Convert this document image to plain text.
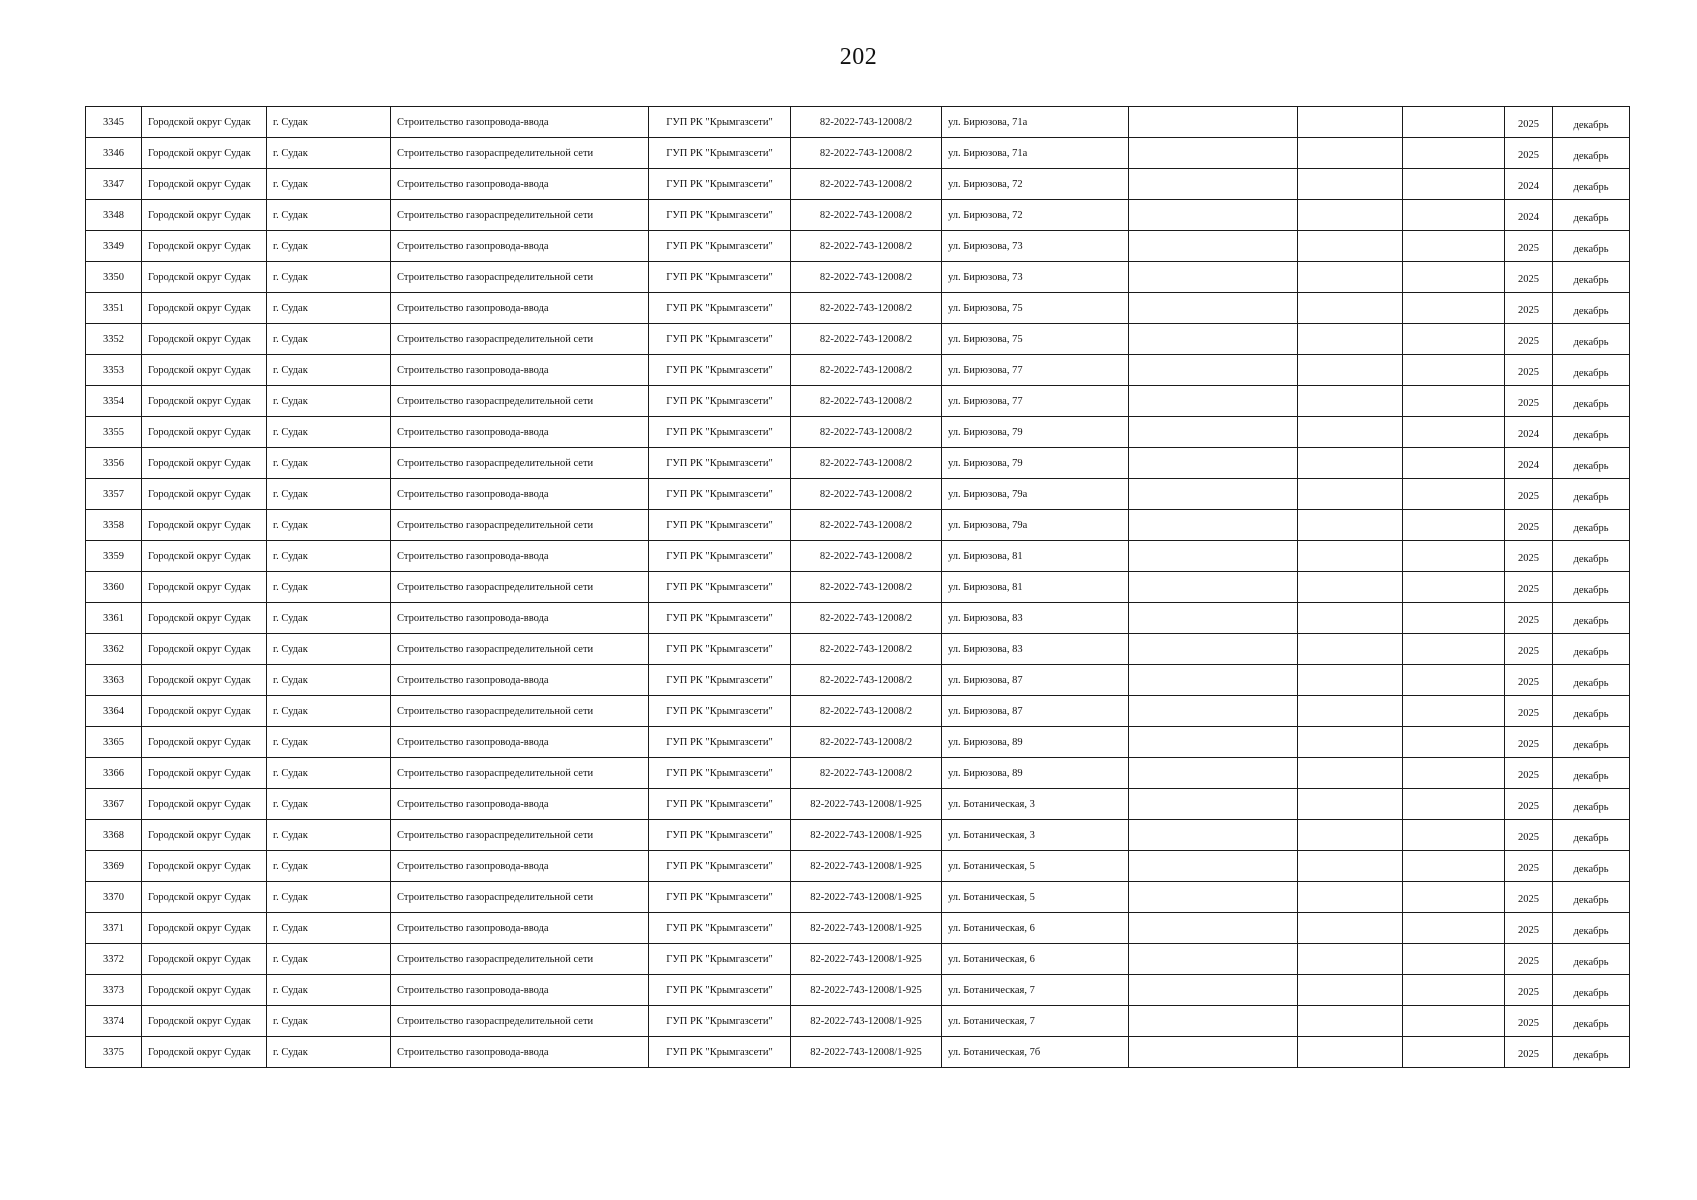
202
3345	Городской округ Судак	г. Судак	Строительство газопровода-ввода	ГУП РК "Крымгазсети"	82-2022-743-12008/2	ул. Бирюзова, 71а				2025	декабрь
3346	Городской округ Судак	г. Судак	Строительство газораспределительной сети	ГУП РК "Крымгазсети"	82-2022-743-12008/2	ул. Бирюзова, 71а				2025	декабрь
3347	Городской округ Судак	г. Судак	Строительство газопровода-ввода	ГУП РК "Крымгазсети"	82-2022-743-12008/2	ул. Бирюзова, 72				2024	декабрь
3348	Городской округ Судак	г. Судак	Строительство газораспределительной сети	ГУП РК "Крымгазсети"	82-2022-743-12008/2	ул. Бирюзова, 72				2024	декабрь
3349	Городской округ Судак	г. Судак	Строительство газопровода-ввода	ГУП РК "Крымгазсети"	82-2022-743-12008/2	ул. Бирюзова, 73				2025	декабрь
3350	Городской округ Судак	г. Судак	Строительство газораспределительной сети	ГУП РК "Крымгазсети"	82-2022-743-12008/2	ул. Бирюзова, 73				2025	декабрь
3351	Городской округ Судак	г. Судак	Строительство газопровода-ввода	ГУП РК "Крымгазсети"	82-2022-743-12008/2	ул. Бирюзова, 75				2025	декабрь
3352	Городской округ Судак	г. Судак	Строительство газораспределительной сети	ГУП РК "Крымгазсети"	82-2022-743-12008/2	ул. Бирюзова, 75				2025	декабрь
3353	Городской округ Судак	г. Судак	Строительство газопровода-ввода	ГУП РК "Крымгазсети"	82-2022-743-12008/2	ул. Бирюзова, 77				2025	декабрь
3354	Городской округ Судак	г. Судак	Строительство газораспределительной сети	ГУП РК "Крымгазсети"	82-2022-743-12008/2	ул. Бирюзова, 77				2025	декабрь
3355	Городской округ Судак	г. Судак	Строительство газопровода-ввода	ГУП РК "Крымгазсети"	82-2022-743-12008/2	ул. Бирюзова, 79				2024	декабрь
3356	Городской округ Судак	г. Судак	Строительство газораспределительной сети	ГУП РК "Крымгазсети"	82-2022-743-12008/2	ул. Бирюзова, 79				2024	декабрь
3357	Городской округ Судак	г. Судак	Строительство газопровода-ввода	ГУП РК "Крымгазсети"	82-2022-743-12008/2	ул. Бирюзова, 79а				2025	декабрь
3358	Городской округ Судак	г. Судак	Строительство газораспределительной сети	ГУП РК "Крымгазсети"	82-2022-743-12008/2	ул. Бирюзова, 79а				2025	декабрь
3359	Городской округ Судак	г. Судак	Строительство газопровода-ввода	ГУП РК "Крымгазсети"	82-2022-743-12008/2	ул. Бирюзова, 81				2025	декабрь
3360	Городской округ Судак	г. Судак	Строительство газораспределительной сети	ГУП РК "Крымгазсети"	82-2022-743-12008/2	ул. Бирюзова, 81				2025	декабрь
3361	Городской округ Судак	г. Судак	Строительство газопровода-ввода	ГУП РК "Крымгазсети"	82-2022-743-12008/2	ул. Бирюзова, 83				2025	декабрь
3362	Городской округ Судак	г. Судак	Строительство газораспределительной сети	ГУП РК "Крымгазсети"	82-2022-743-12008/2	ул. Бирюзова, 83				2025	декабрь
3363	Городской округ Судак	г. Судак	Строительство газопровода-ввода	ГУП РК "Крымгазсети"	82-2022-743-12008/2	ул. Бирюзова, 87				2025	декабрь
3364	Городской округ Судак	г. Судак	Строительство газораспределительной сети	ГУП РК "Крымгазсети"	82-2022-743-12008/2	ул. Бирюзова, 87				2025	декабрь
3365	Городской округ Судак	г. Судак	Строительство газопровода-ввода	ГУП РК "Крымгазсети"	82-2022-743-12008/2	ул. Бирюзова, 89				2025	декабрь
3366	Городской округ Судак	г. Судак	Строительство газораспределительной сети	ГУП РК "Крымгазсети"	82-2022-743-12008/2	ул. Бирюзова, 89				2025	декабрь
3367	Городской округ Судак	г. Судак	Строительство газопровода-ввода	ГУП РК "Крымгазсети"	82-2022-743-12008/1-925	ул. Ботаническая, 3				2025	декабрь
3368	Городской округ Судак	г. Судак	Строительство газораспределительной сети	ГУП РК "Крымгазсети"	82-2022-743-12008/1-925	ул. Ботаническая, 3				2025	декабрь
3369	Городской округ Судак	г. Судак	Строительство газопровода-ввода	ГУП РК "Крымгазсети"	82-2022-743-12008/1-925	ул. Ботаническая, 5				2025	декабрь
3370	Городской округ Судак	г. Судак	Строительство газораспределительной сети	ГУП РК "Крымгазсети"	82-2022-743-12008/1-925	ул. Ботаническая, 5				2025	декабрь
3371	Городской округ Судак	г. Судак	Строительство газопровода-ввода	ГУП РК "Крымгазсети"	82-2022-743-12008/1-925	ул. Ботаническая, 6				2025	декабрь
3372	Городской округ Судак	г. Судак	Строительство газораспределительной сети	ГУП РК "Крымгазсети"	82-2022-743-12008/1-925	ул. Ботаническая, 6				2025	декабрь
3373	Городской округ Судак	г. Судак	Строительство газопровода-ввода	ГУП РК "Крымгазсети"	82-2022-743-12008/1-925	ул. Ботаническая, 7				2025	декабрь
3374	Городской округ Судак	г. Судак	Строительство газораспределительной сети	ГУП РК "Крымгазсети"	82-2022-743-12008/1-925	ул. Ботаническая, 7				2025	декабрь
3375	Городской округ Судак	г. Судак	Строительство газопровода-ввода	ГУП РК "Крымгазсети"	82-2022-743-12008/1-925	ул. Ботаническая, 7б				2025	декабрь
